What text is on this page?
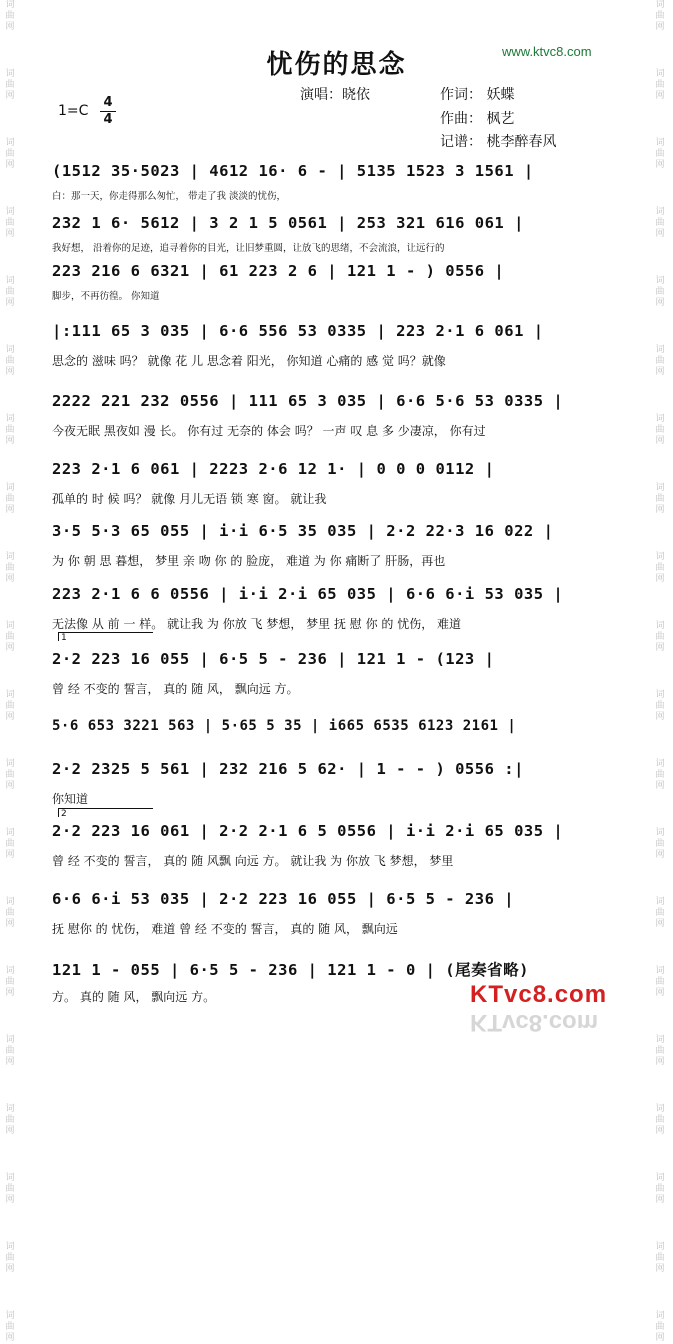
词
曲
网
词
曲
网
词
曲
网
词
曲
网
词
曲
网
词
曲
网
词
曲
网
词
曲
网
词
曲
网
词
曲
网
词
曲
网
词
曲
网
词
曲
网
词
曲
网
词
曲
网
词
曲
网
词
曲
网
词
曲
网
词
曲
网
词
曲
网
词
曲
网
词
曲
网
词
曲
网
词
曲
网
词
曲
网
词
曲
网
词
曲
网
词
曲
网
词
曲
网
词
曲
网
词
曲
网
词
曲
网
词
曲
网
词
曲
网
词
曲
网
词
曲
网
词
曲
网
词
曲
网
词
曲
网
词
曲
网
www.ktvc8.com
忧伤的思念
演唱：晓依	作词： 妖蝶
作曲： 枫艺
记谱： 桃李醉春风
1=C
4
4
(1512 35·5023 | 4612 16· 6 - | 5135 1523 3 1561 |
白：那一天，你走得那么匆忙， 带走了我 淡淡的忧伤，
232 1 6· 5612 | 3 2 1 5 0561 | 253 321 616 061 |
我好想， 沿着你的足迹，追寻着你的目光，让旧梦重圆，让放飞的思绪，不会流浪，让远行的
223 216 6 6321 | 61 223 2 6 | 121 1 - ) 0556 |
脚步，不再彷徨。 你知道
|:111 65 3 035 | 6·6 556 53 0335 | 223 2·1 6 061 |
思念的 滋味 吗？ 就像 花 儿 思念着 阳光， 你知道 心痛的 感 觉 吗？就像
2222 221 232 0556 | 111 65 3 035 | 6·6 5·6 53 0335 |
今夜无眠 黑夜如 漫 长。 你有过 无奈的 体会 吗？ 一声 叹 息 多 少凄凉， 你有过
223 2·1 6 061 | 2223 2·6 12 1· | 0 0 0 0112 |
孤单的 时 候 吗？ 就像 月儿无语 锁 寒 窗。 就让我
3·5 5·3 65 055 | i·i 6·5 35 035 | 2·2 22·3 16 022 |
为 你 朝 思 暮想， 梦里 亲 吻 你 的 脸庞， 难道 为 你 痛断了 肝肠，再也
223 2·1 6 6 0556 | i·i 2·i 65 035 | 6·6 6·i 53 035 |
无法像 从 前 一 样。 就让我 为 你放 飞 梦想， 梦里 抚 慰 你 的 忧伤， 难道
2·2 223 16 055 | 6·5 5 - 236 | 121 1 - (123 |
曾 经 不变的 誓言， 真的 随 风， 飘向远 方。
5·6 653 3221 563 | 5·65 5 35 | i665 6535 6123 2161 |
2·2 2325 5 561 | 232 216 5 62· | 1 - - ) 0556 :|
你知道
2·2 223 16 061 | 2·2 2·1 6 5 0556 | i·i 2·i 65 035 |
曾 经 不变的 誓言， 真的 随 风飘 向远 方。 就让我 为 你放 飞 梦想， 梦里
6·6 6·i 53 035 | 2·2 223 16 055 | 6·5 5 - 236 |
抚 慰你 的 忧伤， 难道 曾 经 不变的 誓言， 真的 随 风， 飘向远
121 1 - 055 | 6·5 5 - 236 | 121 1 - 0 | (尾奏省略)
方。 真的 随 风， 飘向远 方。
1
2
KTvc8.com
KTvc8.com
